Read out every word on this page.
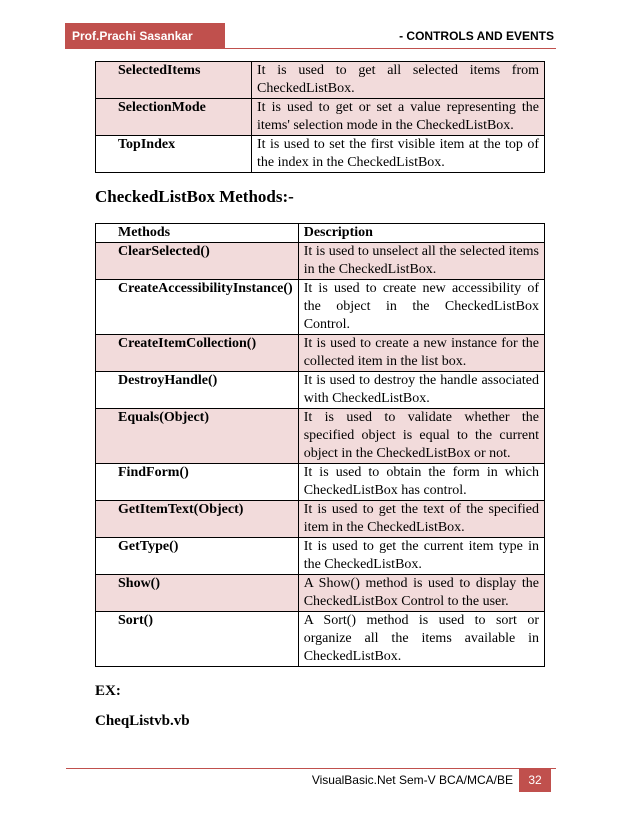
Prof.Prachi Sasankar	- CONTROLS AND EVENTS
SelectedItems	It is used to get all selected items from CheckedListBox.
SelectionMode	It is used to get or set a value representing the items' selection mode in the CheckedListBox.
TopIndex	It is used to set the first visible item at the top of the index in the CheckedListBox.
CheckedListBox Methods:-
Methods	Description
ClearSelected()	It is used to unselect all the selected items in the CheckedListBox.
CreateAccessibilityInstance()	It is used to create new accessibility of the object in the CheckedListBox Control.
CreateItemCollection()	It is used to create a new instance for the collected item in the list box.
DestroyHandle()	It is used to destroy the handle associated with CheckedListBox.
Equals(Object)	It is used to validate whether the specified object is equal to the current object in the CheckedListBox or not.
FindForm()	It is used to obtain the form in which CheckedListBox has control.
GetItemText(Object)	It is used to get the text of the specified item in the CheckedListBox.
GetType()	It is used to get the current item type in the CheckedListBox.
Show()	A Show() method is used to display the CheckedListBox Control to the user.
Sort()	A Sort() method is used to sort or organize all the items available in CheckedListBox.
EX:
CheqListvb.vb
VisualBasic.Net Sem-V BCA/MCA/BE	32
